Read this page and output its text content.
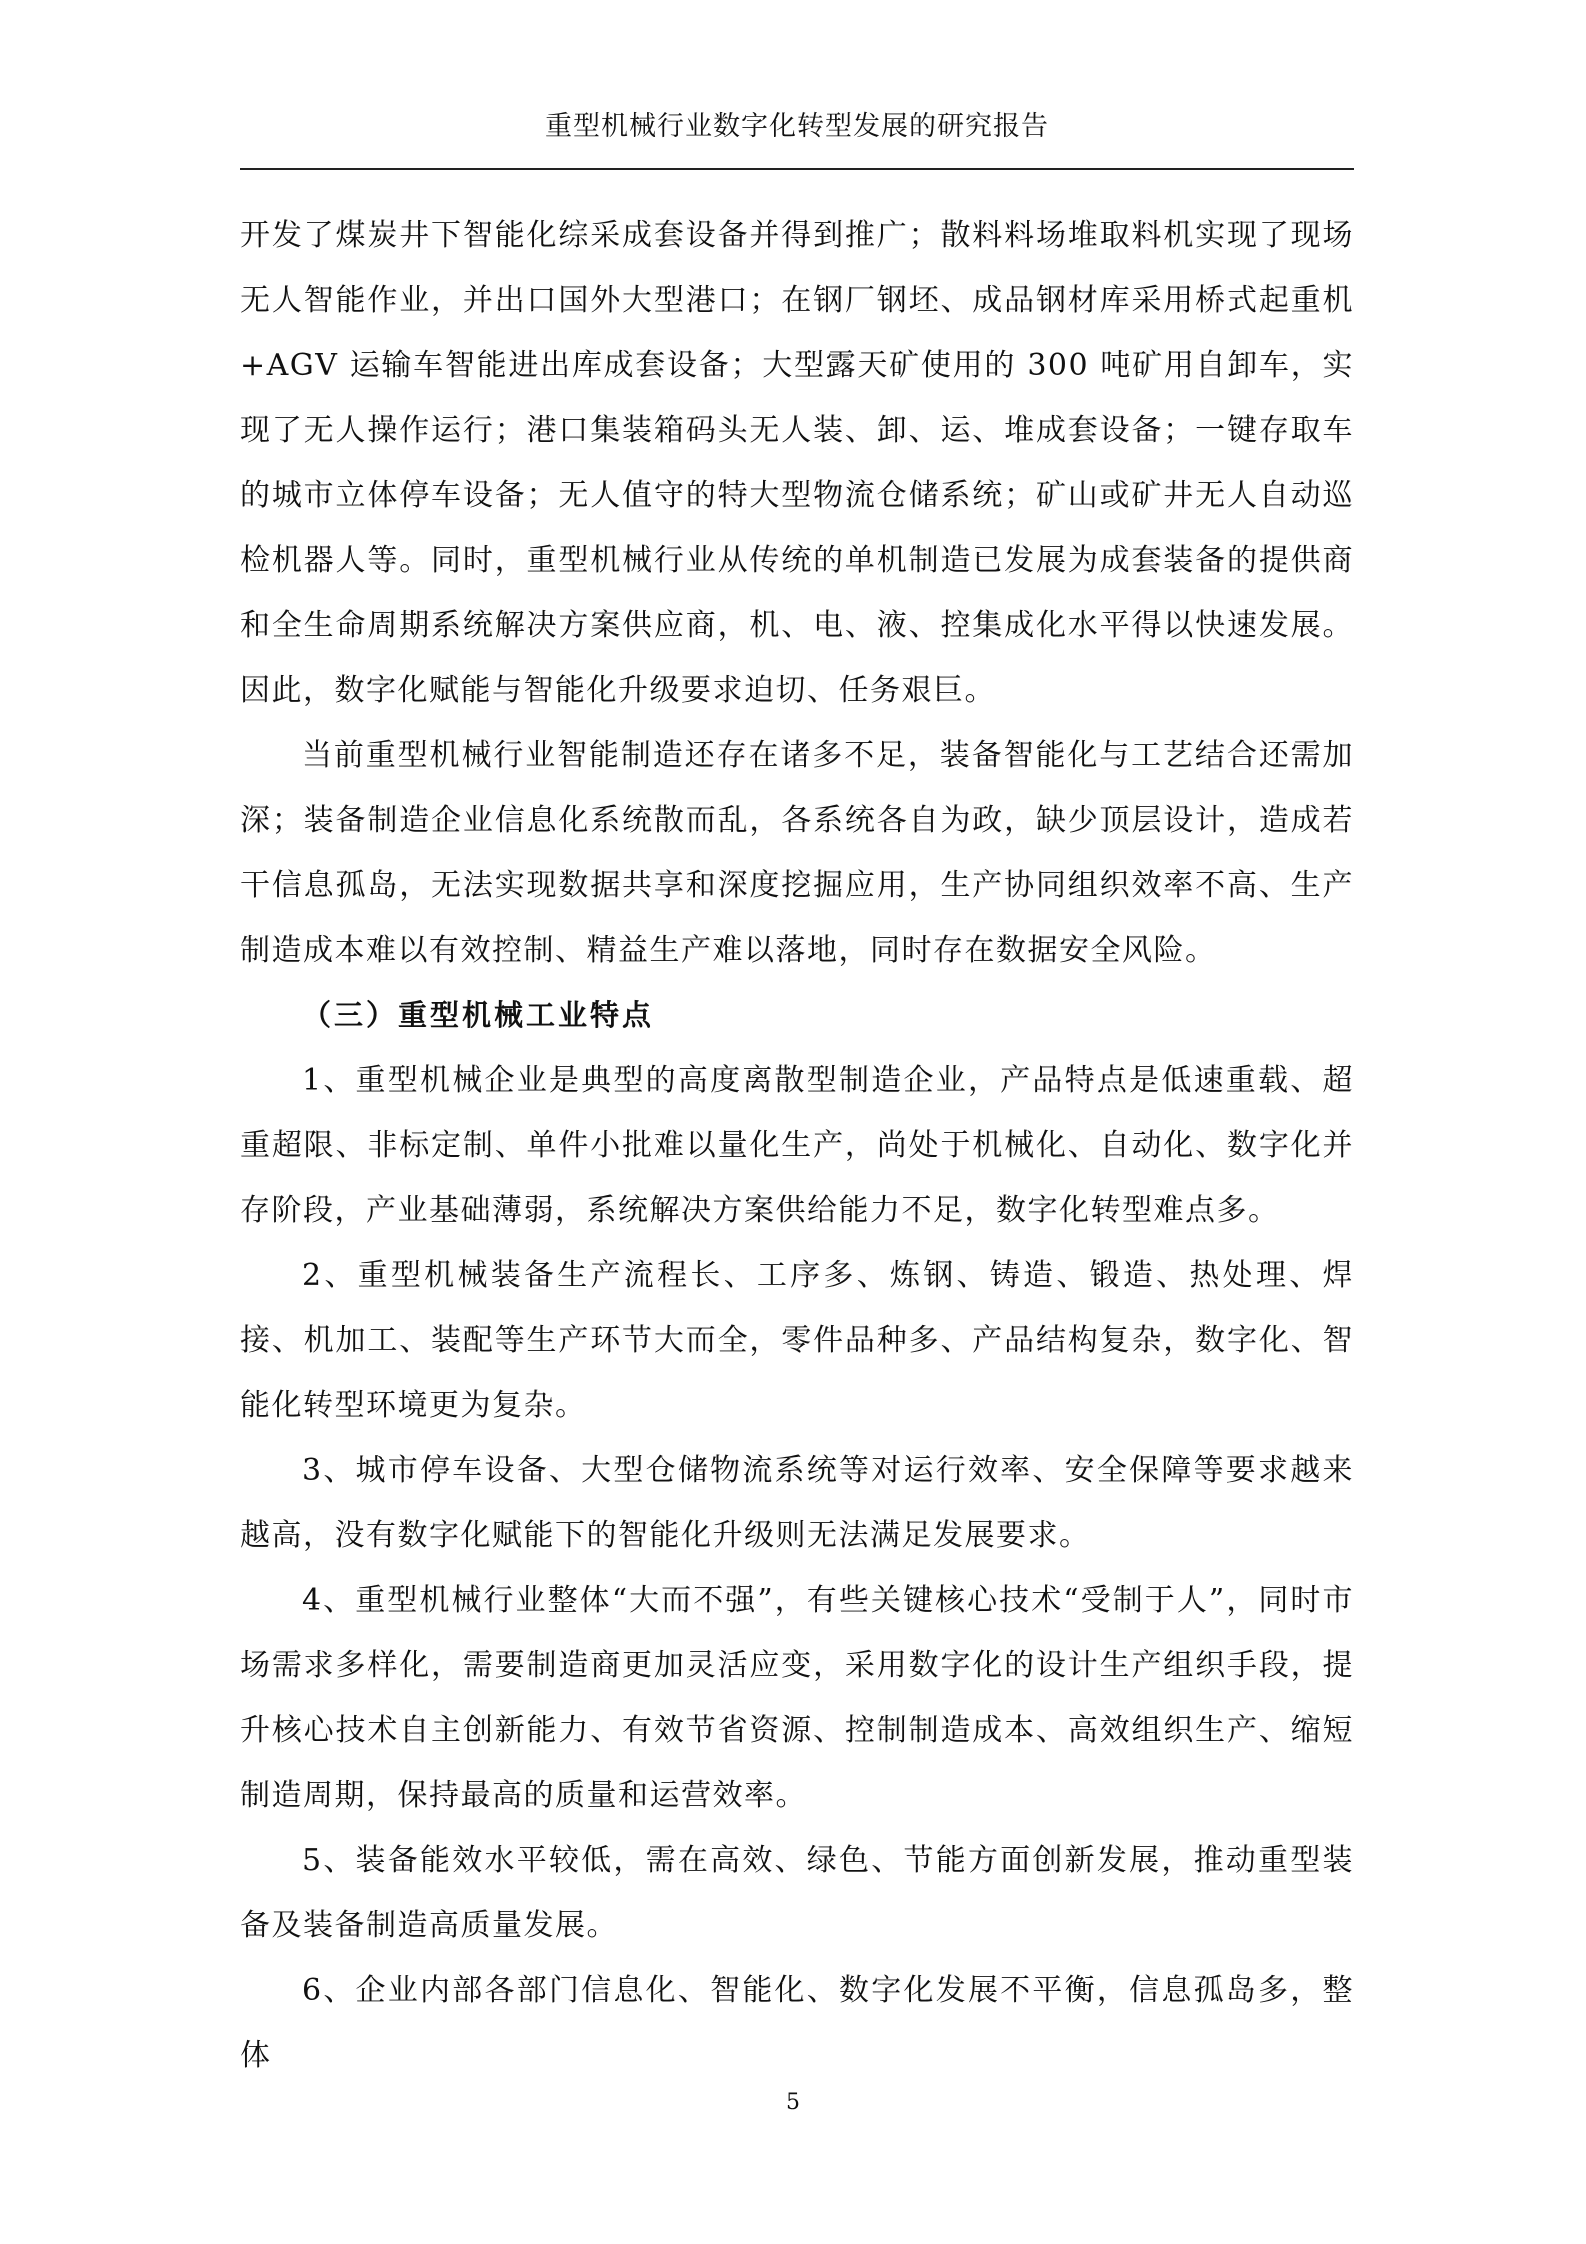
重型机械行业数字化转型发展的研究报告

开发了煤炭井下智能化综采成套设备并得到推广；散料料场堆取料机实现了现场无人智能作业，并出口国外大型港口；在钢厂钢坯、成品钢材库采用桥式起重机+AGV 运输车智能进出库成套设备；大型露天矿使用的 300 吨矿用自卸车，实现了无人操作运行；港口集装箱码头无人装、卸、运、堆成套设备；一键存取车的城市立体停车设备；无人值守的特大型物流仓储系统；矿山或矿井无人自动巡检机器人等。同时，重型机械行业从传统的单机制造已发展为成套装备的提供商和全生命周期系统解决方案供应商，机、电、液、控集成化水平得以快速发展。因此，数字化赋能与智能化升级要求迫切、任务艰巨。

当前重型机械行业智能制造还存在诸多不足，装备智能化与工艺结合还需加深；装备制造企业信息化系统散而乱，各系统各自为政，缺少顶层设计，造成若干信息孤岛，无法实现数据共享和深度挖掘应用，生产协同组织效率不高、生产制造成本难以有效控制、精益生产难以落地，同时存在数据安全风险。

（三）重型机械工业特点

1、重型机械企业是典型的高度离散型制造企业，产品特点是低速重载、超重超限、非标定制、单件小批难以量化生产，尚处于机械化、自动化、数字化并存阶段，产业基础薄弱，系统解决方案供给能力不足，数字化转型难点多。

2、重型机械装备生产流程长、工序多、炼钢、铸造、锻造、热处理、焊接、机加工、装配等生产环节大而全，零件品种多、产品结构复杂，数字化、智能化转型环境更为复杂。

3、城市停车设备、大型仓储物流系统等对运行效率、安全保障等要求越来越高，没有数字化赋能下的智能化升级则无法满足发展要求。

4、重型机械行业整体“大而不强”，有些关键核心技术“受制于人”，同时市场需求多样化，需要制造商更加灵活应变，采用数字化的设计生产组织手段，提升核心技术自主创新能力、有效节省资源、控制制造成本、高效组织生产、缩短制造周期，保持最高的质量和运营效率。

5、装备能效水平较低，需在高效、绿色、节能方面创新发展，推动重型装备及装备制造高质量发展。

6、企业内部各部门信息化、智能化、数字化发展不平衡，信息孤岛多，整体

5
